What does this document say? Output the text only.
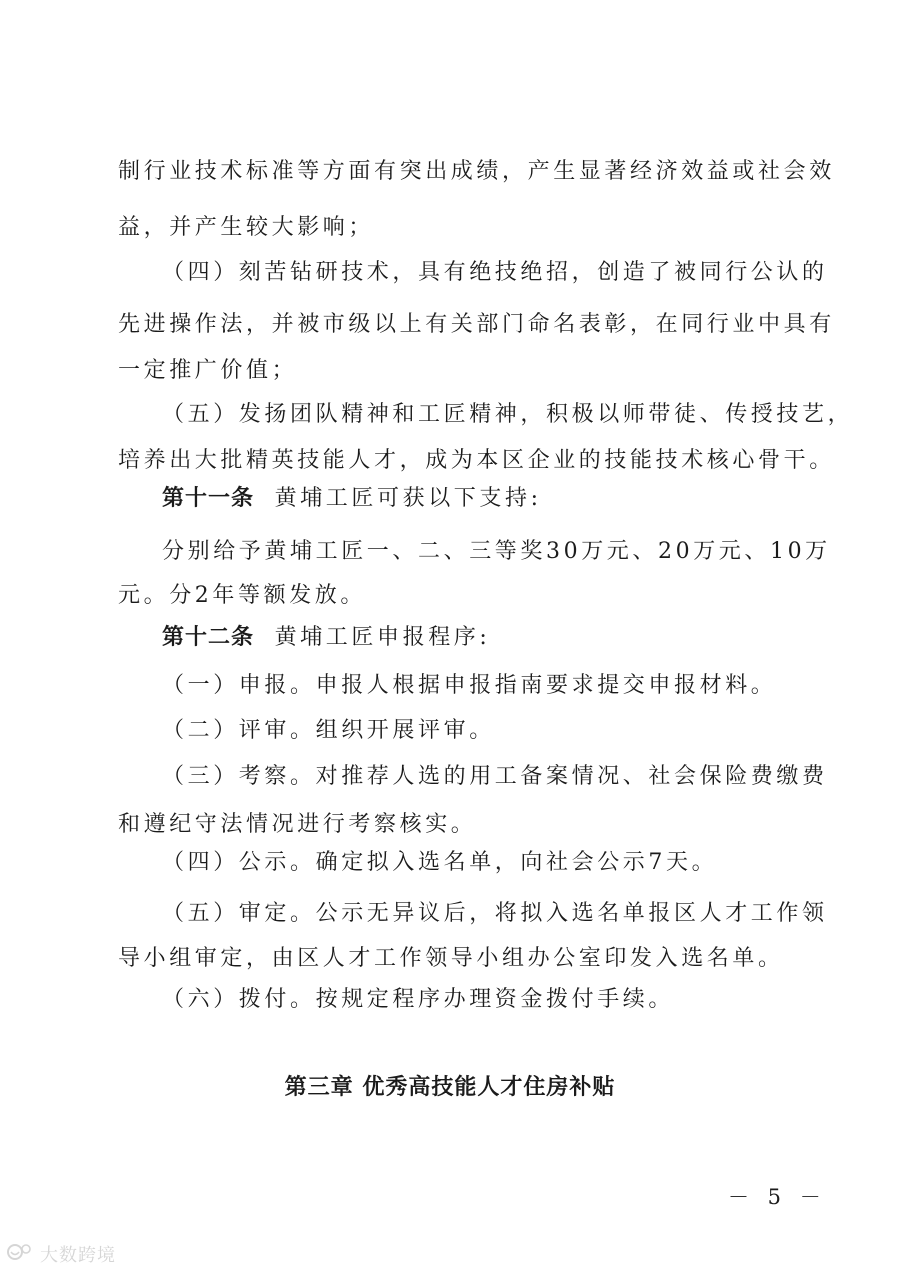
制行业技术标准等方面有突出成绩，产生显著经济效益或社会效
益，并产生较大影响；
（四）刻苦钻研技术，具有绝技绝招，创造了被同行公认的
先进操作法，并被市级以上有关部门命名表彰，在同行业中具有
一定推广价值；
（五）发扬团队精神和工匠精神，积极以师带徒、传授技艺，
培养出大批精英技能人才，成为本区企业的技能技术核心骨干。
第十一条 黄埔工匠可获以下支持:
分别给予黄埔工匠一、二、三等奖30万元、20万元、10万
元。分2年等额发放。
第十二条 黄埔工匠申报程序:
（一）申报。申报人根据申报指南要求提交申报材料。
（二）评审。组织开展评审。
（三）考察。对推荐人选的用工备案情况、社会保险费缴费
和遵纪守法情况进行考察核实。
（四）公示。确定拟入选名单，向社会公示7天。
（五）审定。公示无异议后，将拟入选名单报区人才工作领
导小组审定，由区人才工作领导小组办公室印发入选名单。
（六）拨付。按规定程序办理资金拨付手续。
大数跨境
第三章 优秀高技能人才住房补贴
－ 5 －
